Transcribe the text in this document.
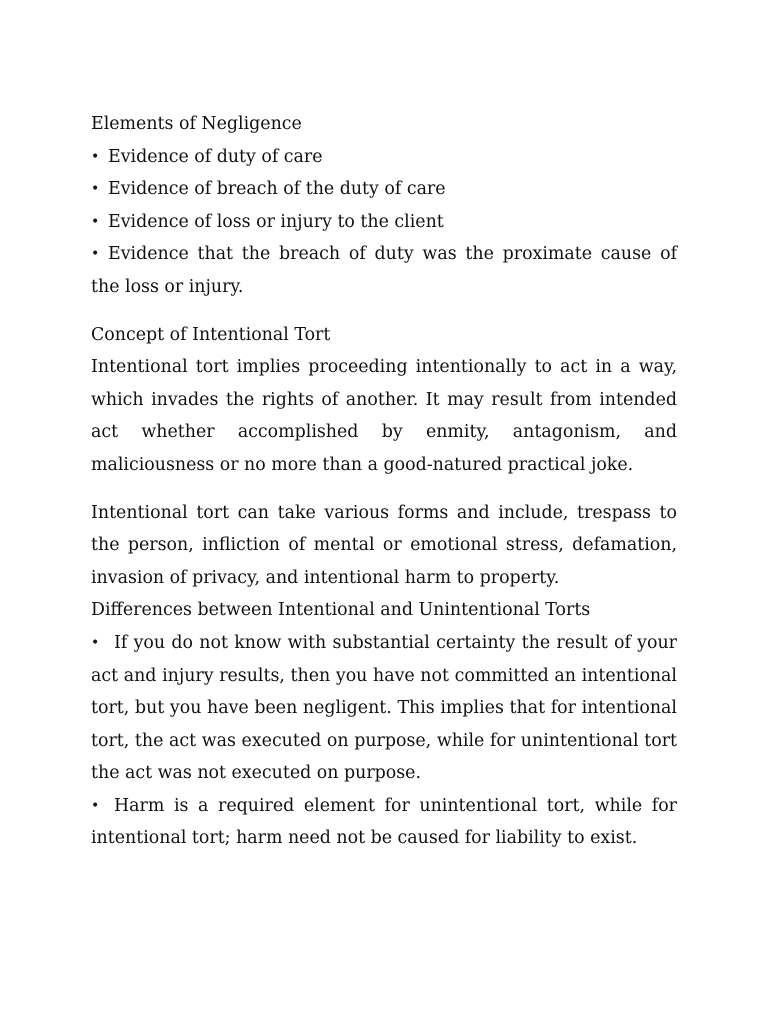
Elements of Negligence

• Evidence of duty of care

• Evidence of breach of the duty of care

• Evidence of loss or injury to the client

• Evidence that the breach of duty was the proximate cause of the loss or injury.

Concept of Intentional Tort

Intentional tort implies proceeding intentionally to act in a way, which invades the rights of another. It may result from intended act whether accomplished by enmity, antagonism, and maliciousness or no more than a good-natured practical joke.

Intentional tort can take various forms and include, trespass to the person, infliction of mental or emotional stress, defamation, invasion of privacy, and intentional harm to property.

Differences between Intentional and Unintentional Torts

• If you do not know with substantial certainty the result of your act and injury results, then you have not committed an intentional tort, but you have been negligent. This implies that for intentional tort, the act was executed on purpose, while for unintentional tort the act was not executed on purpose.

• Harm is a required element for unintentional tort, while for intentional tort; harm need not be caused for liability to exist.
